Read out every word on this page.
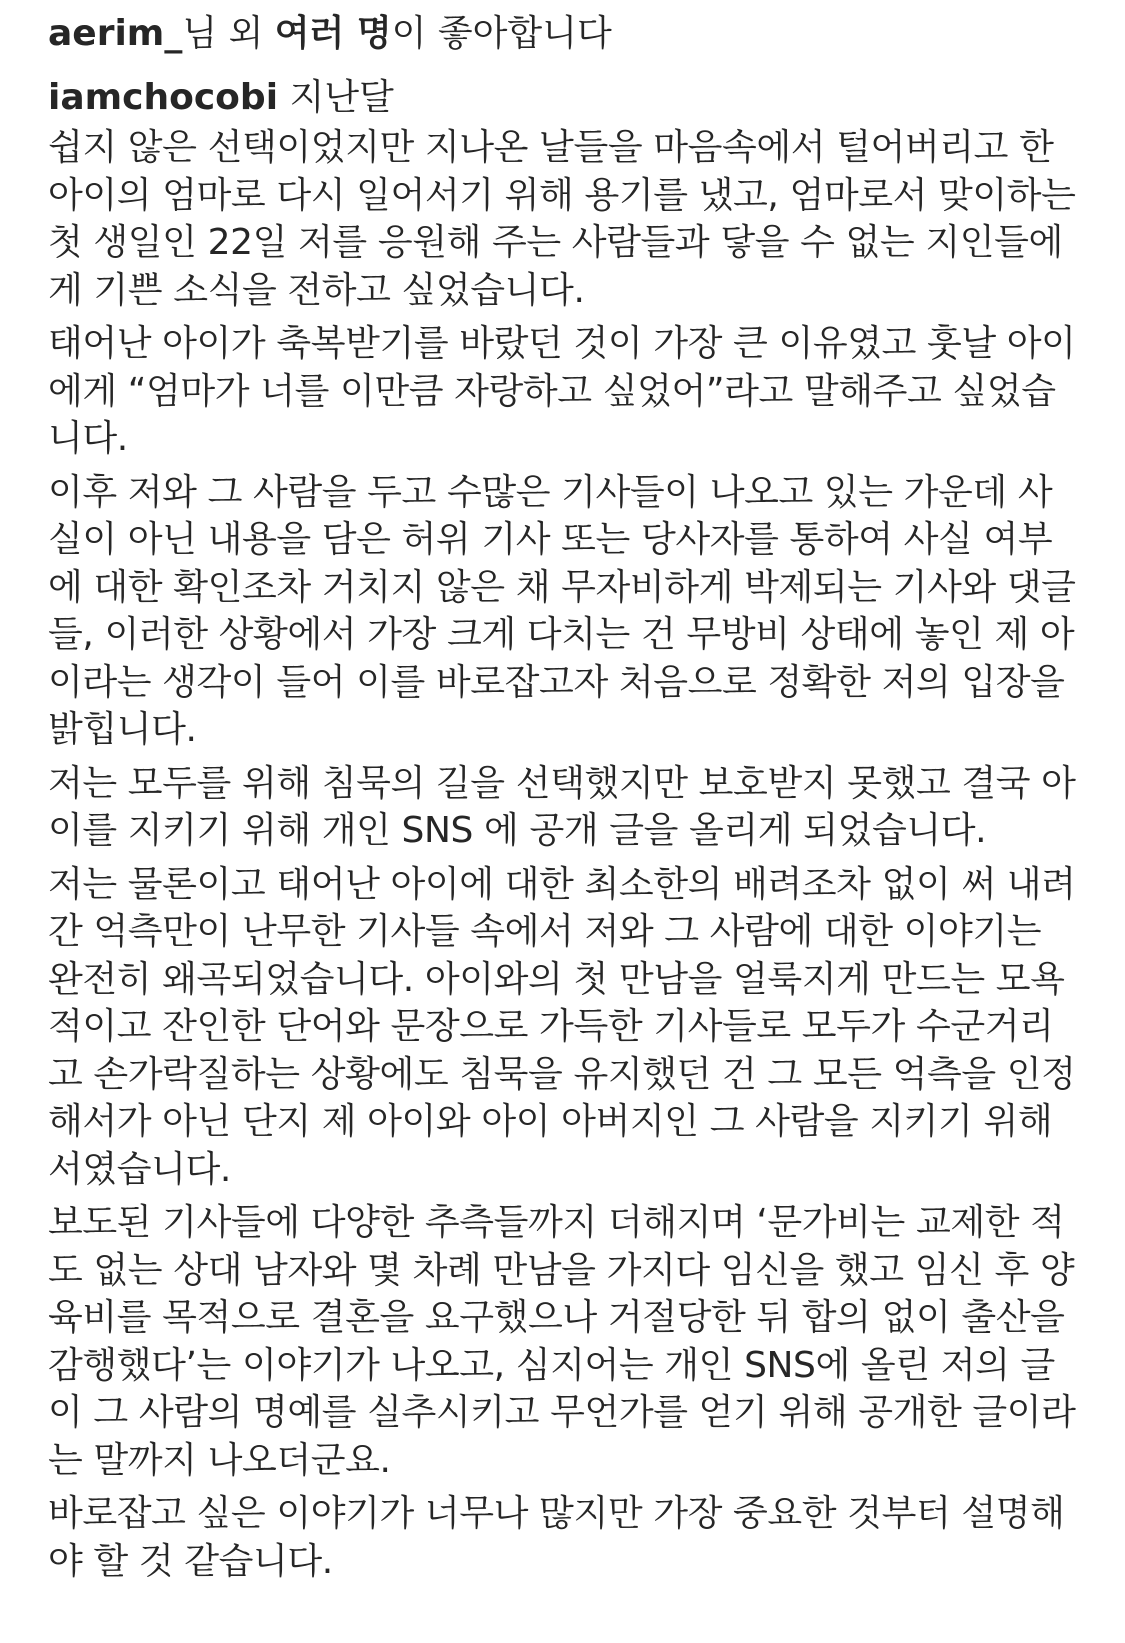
aerim_님 외 여러 명이 좋아합니다
iamchocobi 지난달

쉽지 않은 선택이었지만 지나온 날들을 마음속에서 털어버리고 한 아이의 엄마로 다시 일어서기 위해 용기를 냈고, 엄마로서 맞이하는 첫 생일인 22일 저를 응원해 주는 사람들과 닿을 수 없는 지인들에게 기쁜 소식을 전하고 싶었습니다.

태어난 아이가 축복받기를 바랐던 것이 가장 큰 이유였고 훗날 아이에게 “엄마가 너를 이만큼 자랑하고 싶었어”라고 말해주고 싶었습니다.

이후 저와 그 사람을 두고 수많은 기사들이 나오고 있는 가운데 사실이 아닌 내용을 담은 허위 기사 또는 당사자를 통하여 사실 여부에 대한 확인조차 거치지 않은 채 무자비하게 박제되는 기사와 댓글들, 이러한 상황에서 가장 크게 다치는 건 무방비 상태에 놓인 제 아이라는 생각이 들어 이를 바로잡고자 처음으로 정확한 저의 입장을 밝힙니다.

저는 모두를 위해 침묵의 길을 선택했지만 보호받지 못했고 결국 아이를 지키기 위해 개인 SNS 에 공개 글을 올리게 되었습니다.

저는 물론이고 태어난 아이에 대한 최소한의 배려조차 없이 써 내려간 억측만이 난무한 기사들 속에서 저와 그 사람에 대한 이야기는 완전히 왜곡되었습니다. 아이와의 첫 만남을 얼룩지게 만드는 모욕적이고 잔인한 단어와 문장으로 가득한 기사들로 모두가 수군거리고 손가락질하는 상황에도 침묵을 유지했던 건 그 모든 억측을 인정해서가 아닌 단지 제 아이와 아이 아버지인 그 사람을 지키기 위해서였습니다.

보도된 기사들에 다양한 추측들까지 더해지며 ‘문가비는 교제한 적도 없는 상대 남자와 몇 차례 만남을 가지다 임신을 했고 임신 후 양육비를 목적으로 결혼을 요구했으나 거절당한 뒤 합의 없이 출산을 감행했다’는 이야기가 나오고, 심지어는 개인 SNS에 올린 저의 글이 그 사람의 명예를 실추시키고 무언가를 얻기 위해 공개한 글이라는 말까지 나오더군요.

바로잡고 싶은 이야기가 너무나 많지만 가장 중요한 것부터 설명해야 할 것 같습니다.
